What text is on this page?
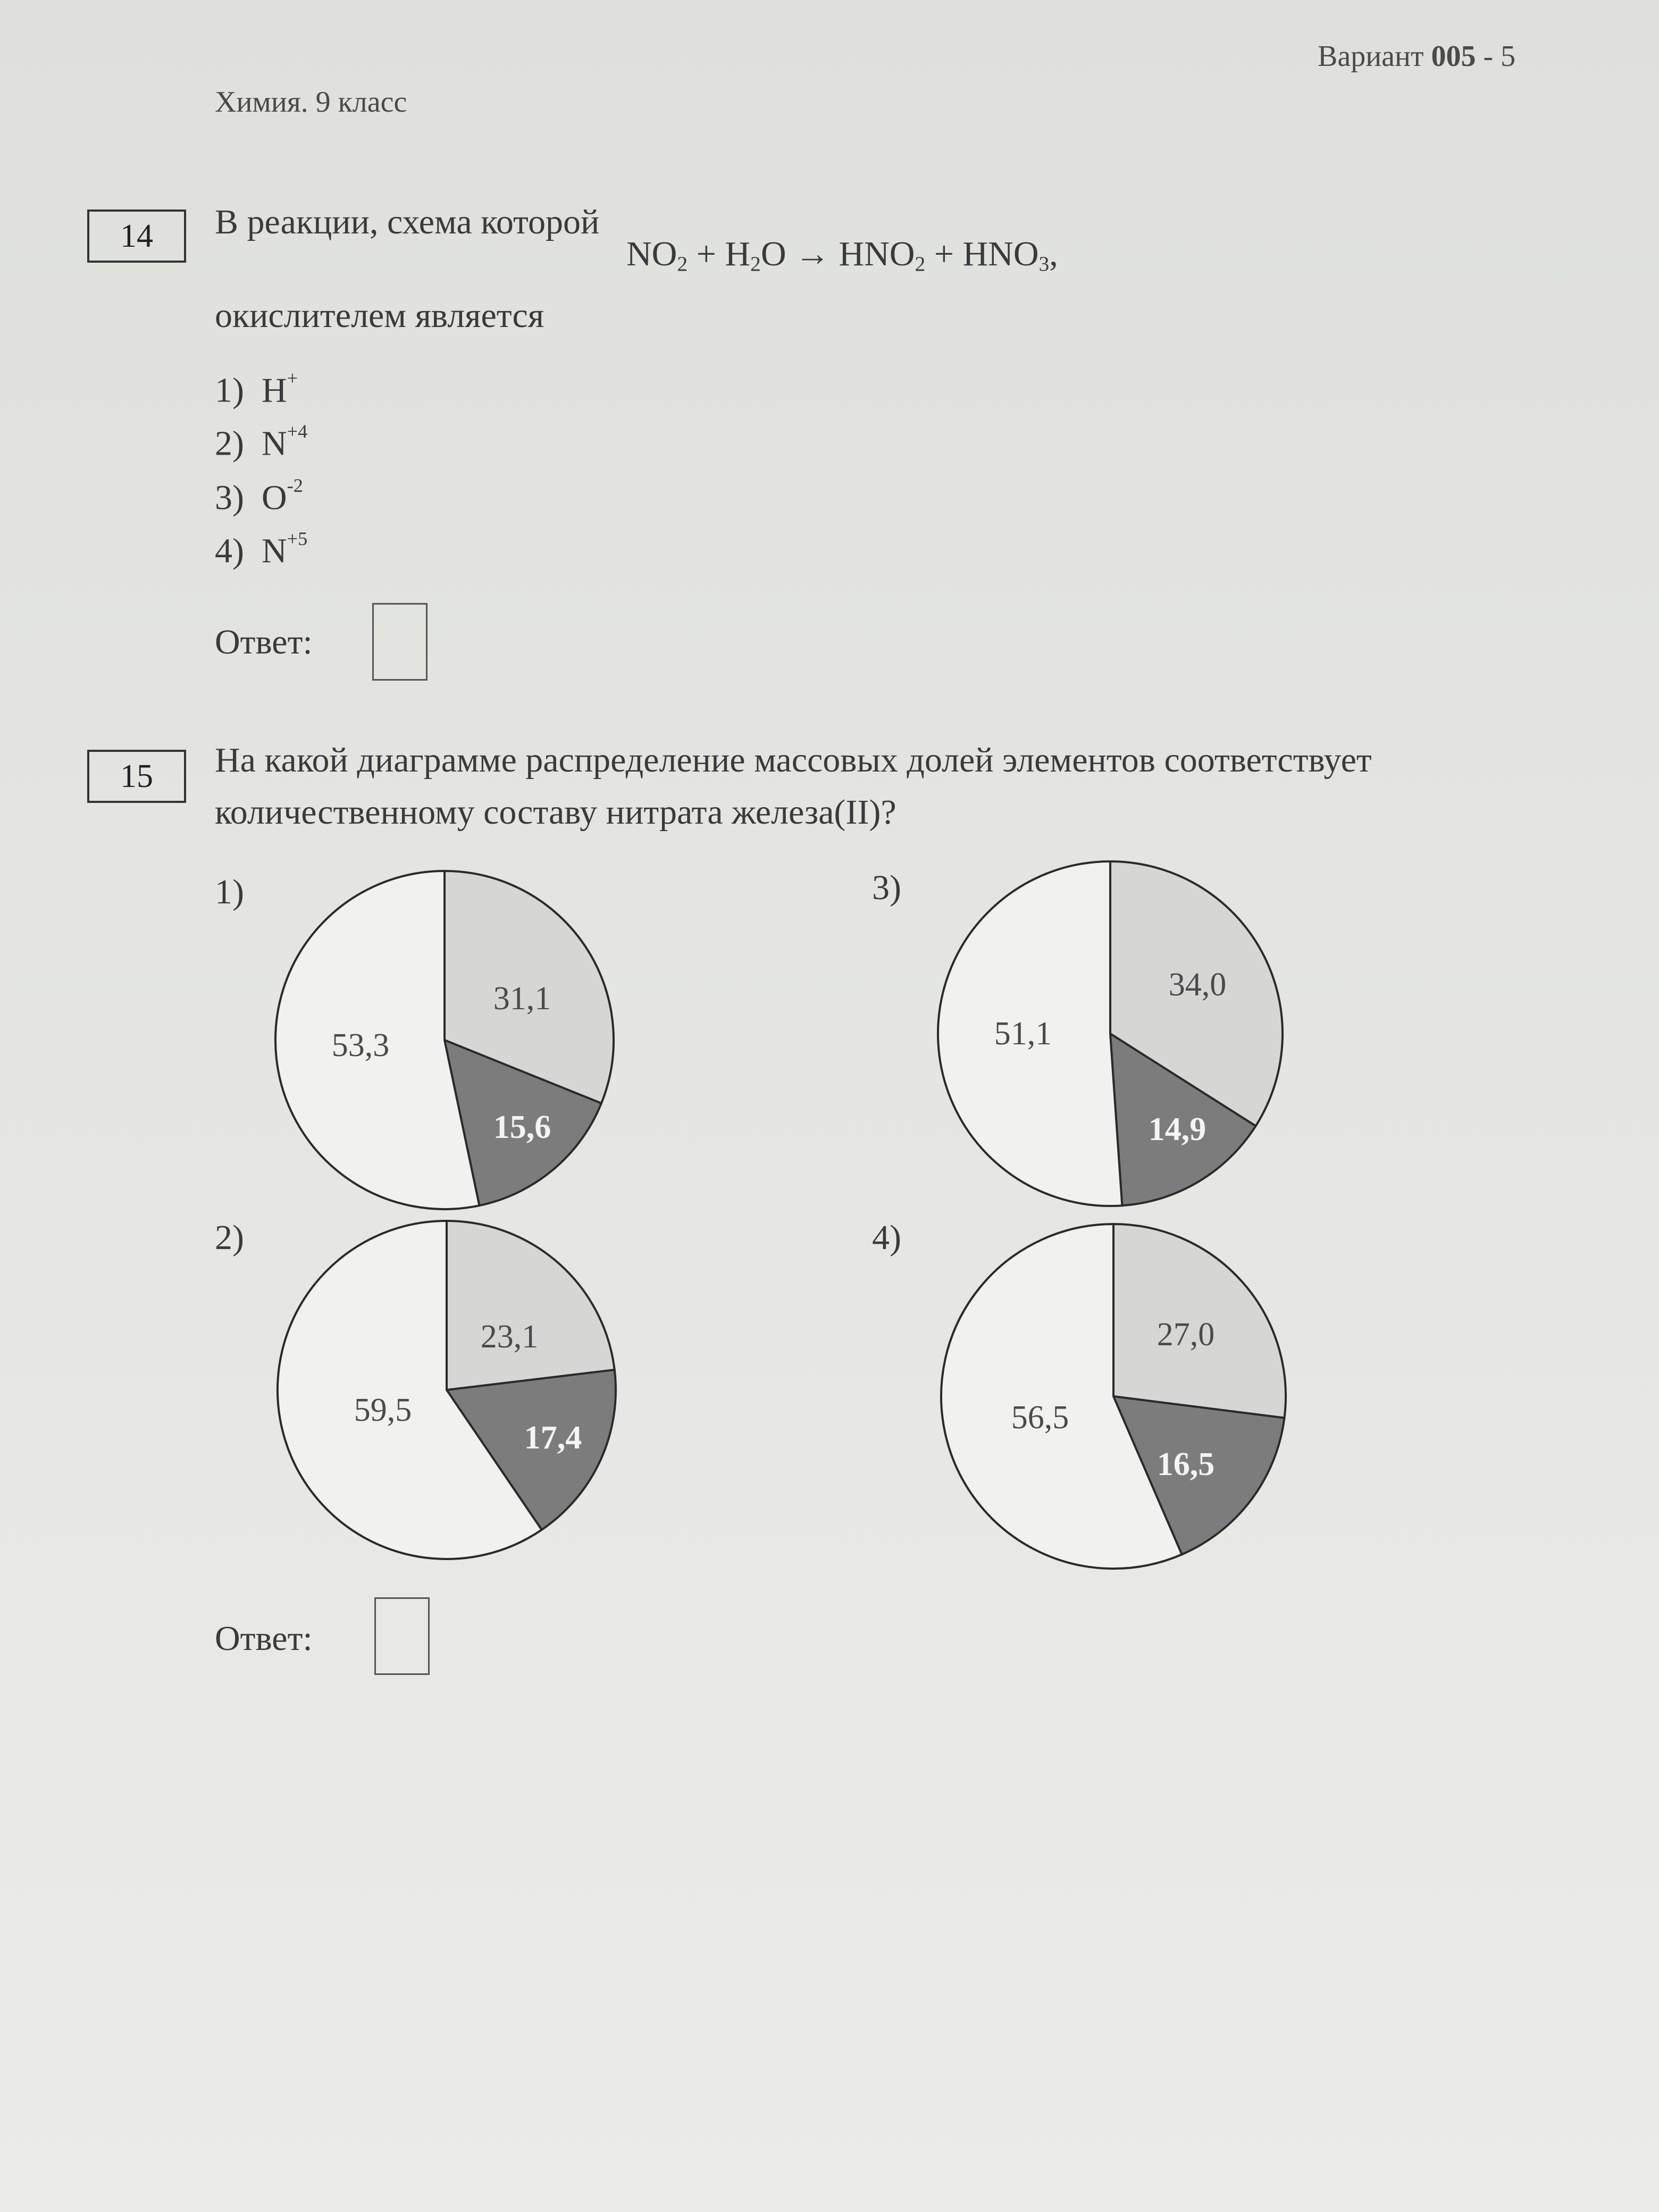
Химия. 9 класс
Вариант 005 - 5
14	В реакции, схема которой
$NO_2 + H_2O \to HNO_2 + HNO_3$,
окислителем является
1) H+
2) $N^{+4}$
3) $O^{-2}$
4) $N^{+5}$
Ответ:
15	На какой диаграмме распределение массовых долей элементов соответствует
количественному составу нитрата железа(II)?
1)
2)
3)
4)
31,1
15,6
53,3
23,1
17,4
59,5
34,0
14,9
51,1
27,0
16,5
56,5
Ответ:
